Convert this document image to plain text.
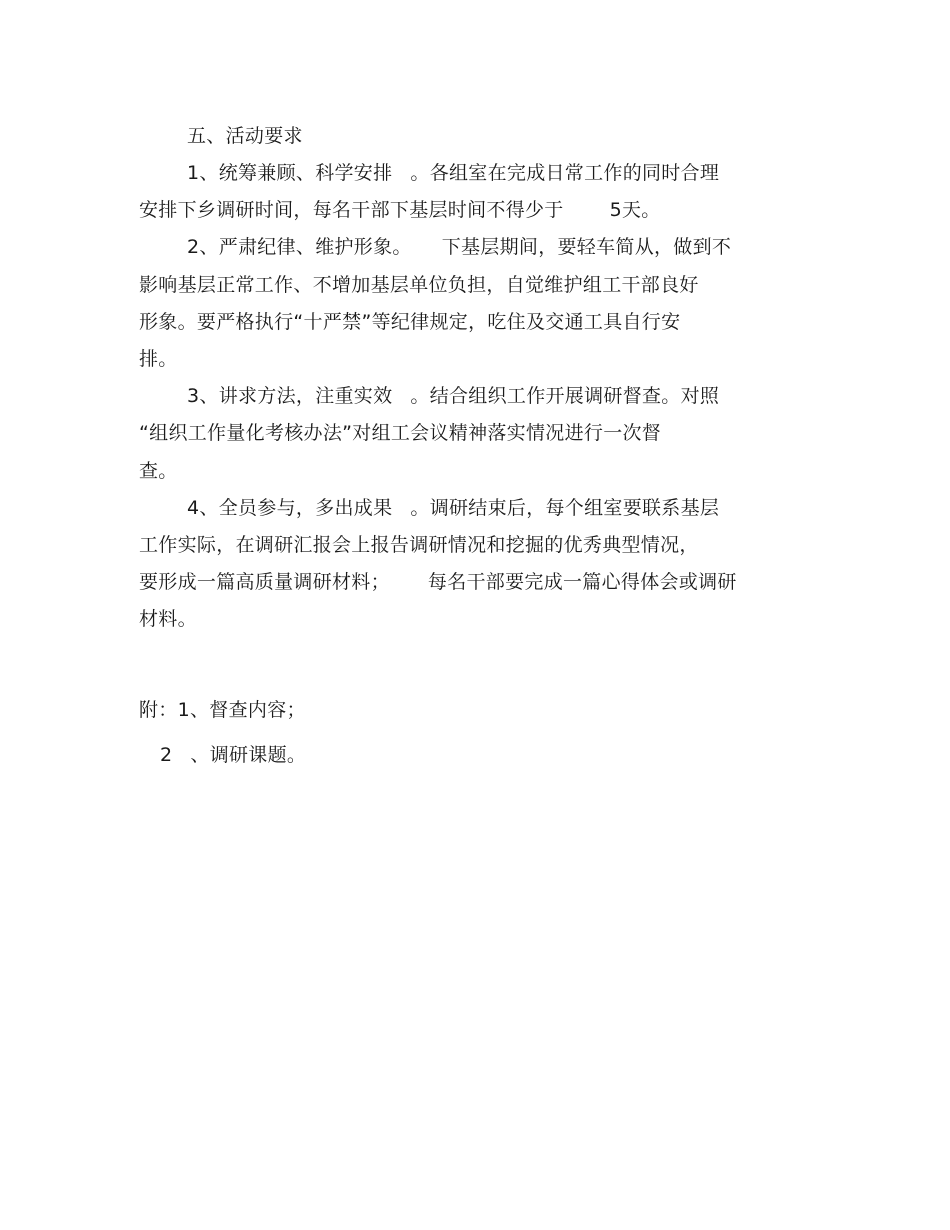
五、活动要求
1、统筹兼顾、科学安排 。各组室在完成日常工作的同时合理
安排下乡调研时间，每名干部下基层时间不得少于 5天。
2、严肃纪律、维护形象。 下基层期间，要轻车简从，做到不
影响基层正常工作、不增加基层单位负担，自觉维护组工干部良好
形象。要严格执行“十严禁”等纪律规定，吃住及交通工具自行安
排。
3、讲求方法，注重实效 。结合组织工作开展调研督查。对照
“组织工作量化考核办法”对组工会议精神落实情况进行一次督
查。
4、全员参与，多出成果 。调研结束后，每个组室要联系基层
工作实际，在调研汇报会上报告调研情况和挖掘的优秀典型情况，
要形成一篇高质量调研材料； 每名干部要完成一篇心得体会或调研
材料。
附：1、督查内容；
2 、调研课题。
